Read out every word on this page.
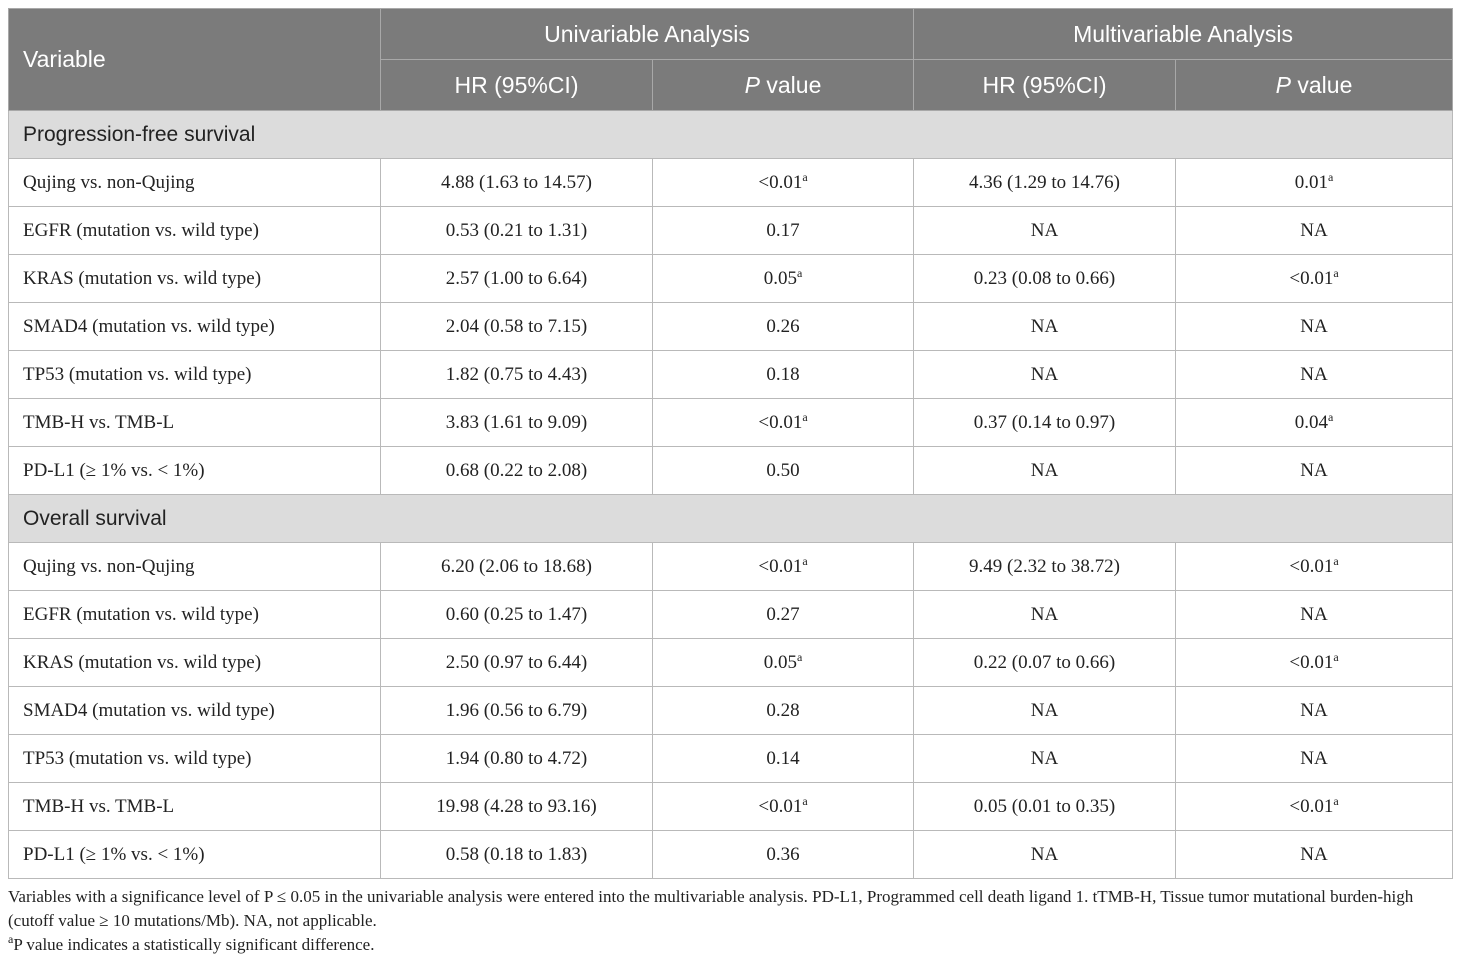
Variable	Univariable Analysis		Multivariable Analysis	
	HR (95%CI)	P value	HR (95%CI)	P value
Progression-free survival				
Qujing vs. non-Qujing	4.88 (1.63 to 14.57)	<0.01$^a$	4.36 (1.29 to 14.76)	0.01$^a$
EGFR (mutation vs. wild type)	0.53 (0.21 to 1.31)	0.17	NA	NA
KRAS (mutation vs. wild type)	2.57 (1.00 to 6.64)	0.05$^a$	0.23 (0.08 to 0.66)	<0.01$^a$
SMAD4 (mutation vs. wild type)	2.04 (0.58 to 7.15)	0.26	NA	NA
TP53 (mutation vs. wild type)	1.82 (0.75 to 4.43)	0.18	NA	NA
TMB-H vs. TMB-L	3.83 (1.61 to 9.09)	<0.01$^a$	0.37 (0.14 to 0.97)	0.04$^a$
PD-L1 (≥ 1% vs. < 1%)	0.68 (0.22 to 2.08)	0.50	NA	NA
Overall survival				
Qujing vs. non-Qujing	6.20 (2.06 to 18.68)	<0.01$^a$	9.49 (2.32 to 38.72)	<0.01$^a$
EGFR (mutation vs. wild type)	0.60 (0.25 to 1.47)	0.27	NA	NA
KRAS (mutation vs. wild type)	2.50 (0.97 to 6.44)	0.05$^a$	0.22 (0.07 to 0.66)	<0.01$^a$
SMAD4 (mutation vs. wild type)	1.96 (0.56 to 6.79)	0.28	NA	NA
TP53 (mutation vs. wild type)	1.94 (0.80 to 4.72)	0.14	NA	NA
TMB-H vs. TMB-L	19.98 (4.28 to 93.16)	<0.01$^a$	0.05 (0.01 to 0.35)	<0.01$^a$
PD-L1 (≥ 1% vs. < 1%)	0.58 (0.18 to 1.83)	0.36	NA	NA

Variables with a significance level of P ≤ 0.05 in the univariable analysis were entered into the multivariable analysis. PD-L1, Programmed cell death ligand 1. tTMB-H, Tissue tumor mutational burden-high (cutoff value ≥ 10 mutations/Mb). NA, not applicable.

$^a$P value indicates a statistically significant difference.
